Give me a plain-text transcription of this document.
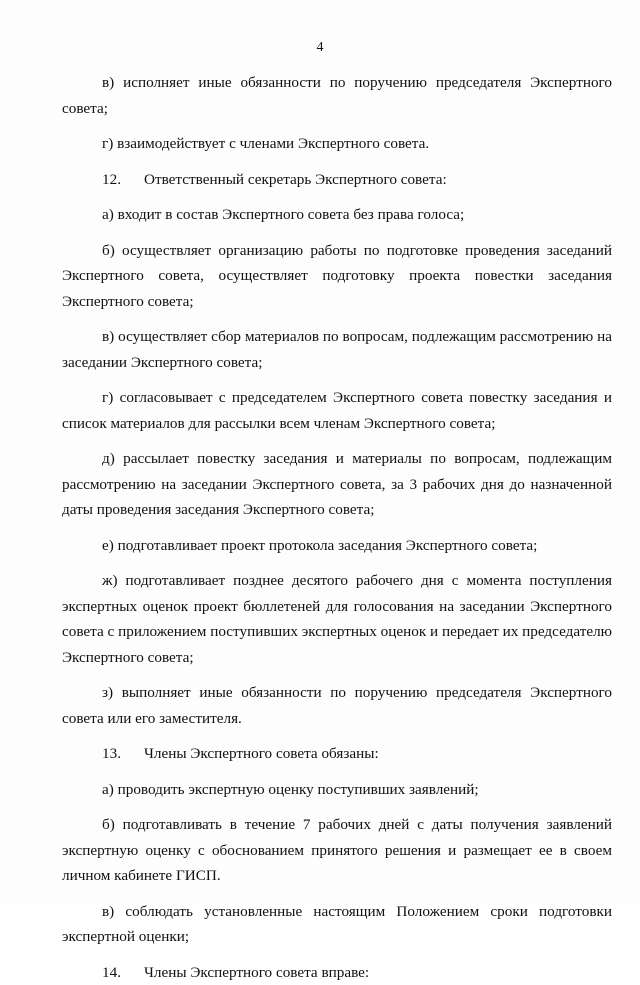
4

в) исполняет иные обязанности по поручению председателя Экспертного совета;

г) взаимодействует с членами Экспертного совета.

12. Ответственный секретарь Экспертного совета:

а) входит в состав Экспертного совета без права голоса;

б) осуществляет организацию работы по подготовке проведения заседаний Экспертного совета, осуществляет подготовку проекта повестки заседания Экспертного совета;

в) осуществляет сбор материалов по вопросам, подлежащим рассмотрению на заседании Экспертного совета;

г) согласовывает с председателем Экспертного совета повестку заседания и список материалов для рассылки всем членам Экспертного совета;

д) рассылает повестку заседания и материалы по вопросам, подлежащим рассмотрению на заседании Экспертного совета, за 3 рабочих дня до назначенной даты проведения заседания Экспертного совета;

е) подготавливает проект протокола заседания Экспертного совета;

ж) подготавливает позднее десятого рабочего дня с момента поступления экспертных оценок проект бюллетеней для голосования на заседании Экспертного совета с приложением поступивших экспертных оценок и передает их председателю Экспертного совета;

з) выполняет иные обязанности по поручению председателя Экспертного совета или его заместителя.

13. Члены Экспертного совета обязаны:

а) проводить экспертную оценку поступивших заявлений;

б) подготавливать в течение 7 рабочих дней с даты получения заявлений экспертную оценку с обоснованием принятого решения и размещает ее в своем личном кабинете ГИСП.

в) соблюдать установленные настоящим Положением сроки подготовки экспертной оценки;

14. Члены Экспертного совета вправе:
